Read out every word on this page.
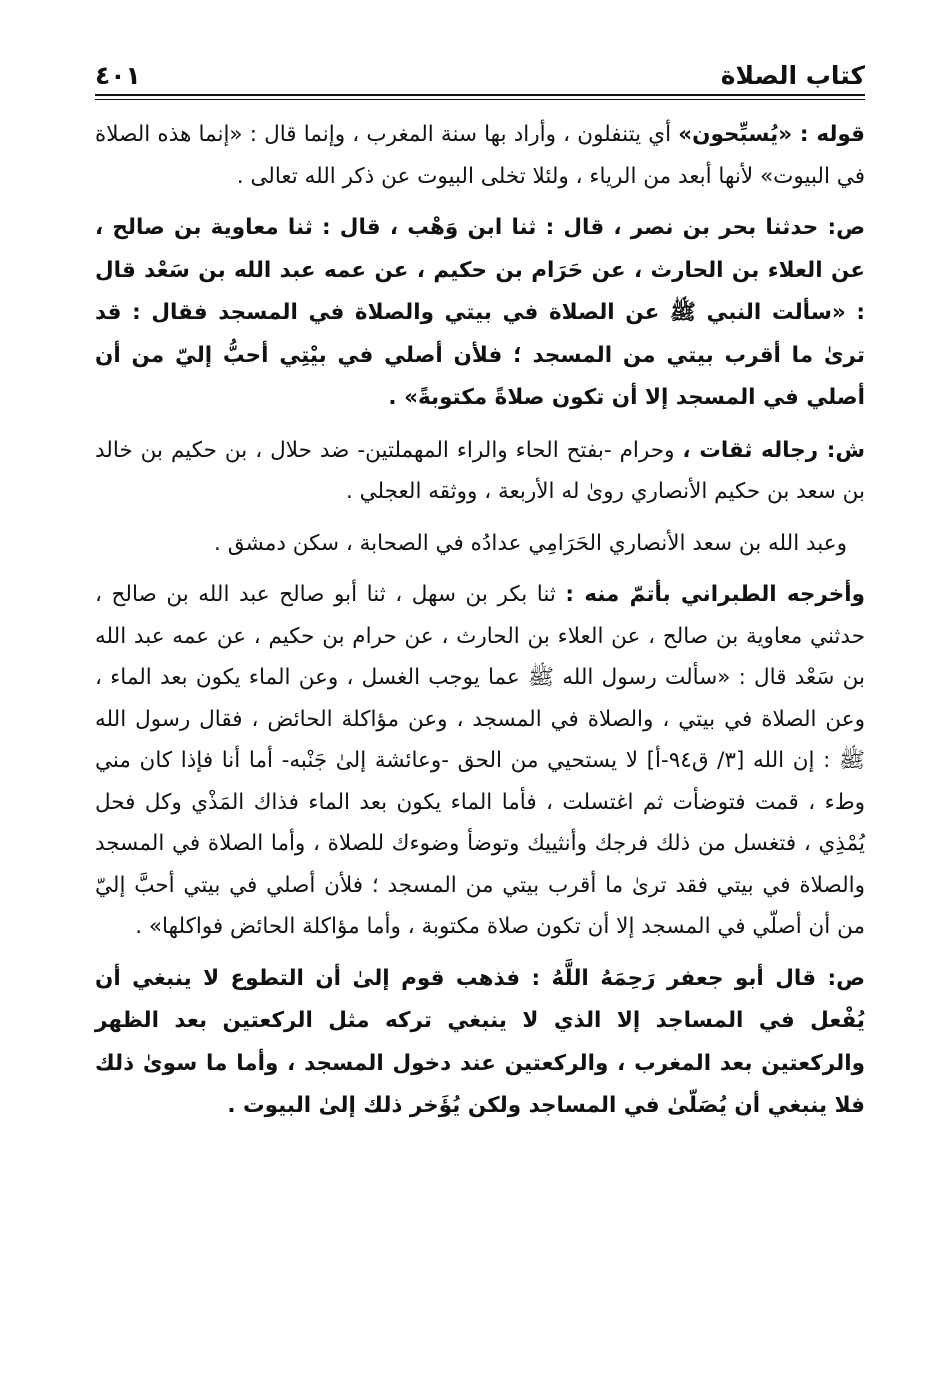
كتاب الصلاة
٤٠١

قوله : «يُسبِّحون» أي يتنفلون ، وأراد بها سنة المغرب ، وإنما قال : «إنما هذه الصلاة في البيوت» لأنها أبعد من الرياء ، ولئلا تخلى البيوت عن ذكر الله تعالى .

ص: حدثنا بحر بن نصر ، قال : ثنا ابن وَهْب ، قال : ثنا معاوية بن صالح ، عن العلاء بن الحارث ، عن حَرَام بن حكيم ، عن عمه عبد الله بن سَعْد قال : «سألت النبي ﷺ عن الصلاة في بيتي والصلاة في المسجد فقال : قد ترىٰ ما أقرب بيتي من المسجد ؛ فلأن أصلي في بيْتِي أحبُّ إليّ من أن أصلي في المسجد إلا أن تكون صلاةً مكتوبةً» .

ش: رجاله ثقات ، وحرام -بفتح الحاء والراء المهملتين- ضد حلال ، بن حكيم بن خالد بن سعد بن حكيم الأنصاري روىٰ له الأربعة ، ووثقه العجلي .

وعبد الله بن سعد الأنصاري الحَرَامِي عدادُه في الصحابة ، سكن دمشق .

وأخرجه الطبراني بأتمّ منه : ثنا بكر بن سهل ، ثنا أبو صالح عبد الله بن صالح ، حدثني معاوية بن صالح ، عن العلاء بن الحارث ، عن حرام بن حكيم ، عن عمه عبد الله بن سَعْد قال : «سألت رسول الله ﷺ عما يوجب الغسل ، وعن الماء يكون بعد الماء ، وعن الصلاة في بيتي ، والصلاة في المسجد ، وعن مؤاكلة الحائض ، فقال رسول الله ﷺ : إن الله [٣/ ق٩٤-أ] لا يستحيي من الحق -وعائشة إلىٰ جَنْبه- أما أنا فإذا كان مني وطء ، قمت فتوضأت ثم اغتسلت ، فأما الماء يكون بعد الماء فذاك المَذْي وكل فحل يُمْذِي ، فتغسل من ذلك فرجك وأنثييك وتوضأ وضوءك للصلاة ، وأما الصلاة في المسجد والصلاة في بيتي فقد ترىٰ ما أقرب بيتي من المسجد ؛ فلأن أصلي في بيتي أحبَّ إليّ من أن أصلّي في المسجد إلا أن تكون صلاة مكتوبة ، وأما مؤاكلة الحائض فواكلها» .

ص: قال أبو جعفر رَحِمَهُ اللَّهُ : فذهب قوم إلىٰ أن التطوع لا ينبغي أن يُفْعل في المساجد إلا الذي لا ينبغي تركه مثل الركعتين بعد الظهر والركعتين بعد المغرب ، والركعتين عند دخول المسجد ، وأما ما سوىٰ ذلك فلا ينبغي أن يُصَلّىٰ في المساجد ولكن يُؤَخر ذلك إلىٰ البيوت .
